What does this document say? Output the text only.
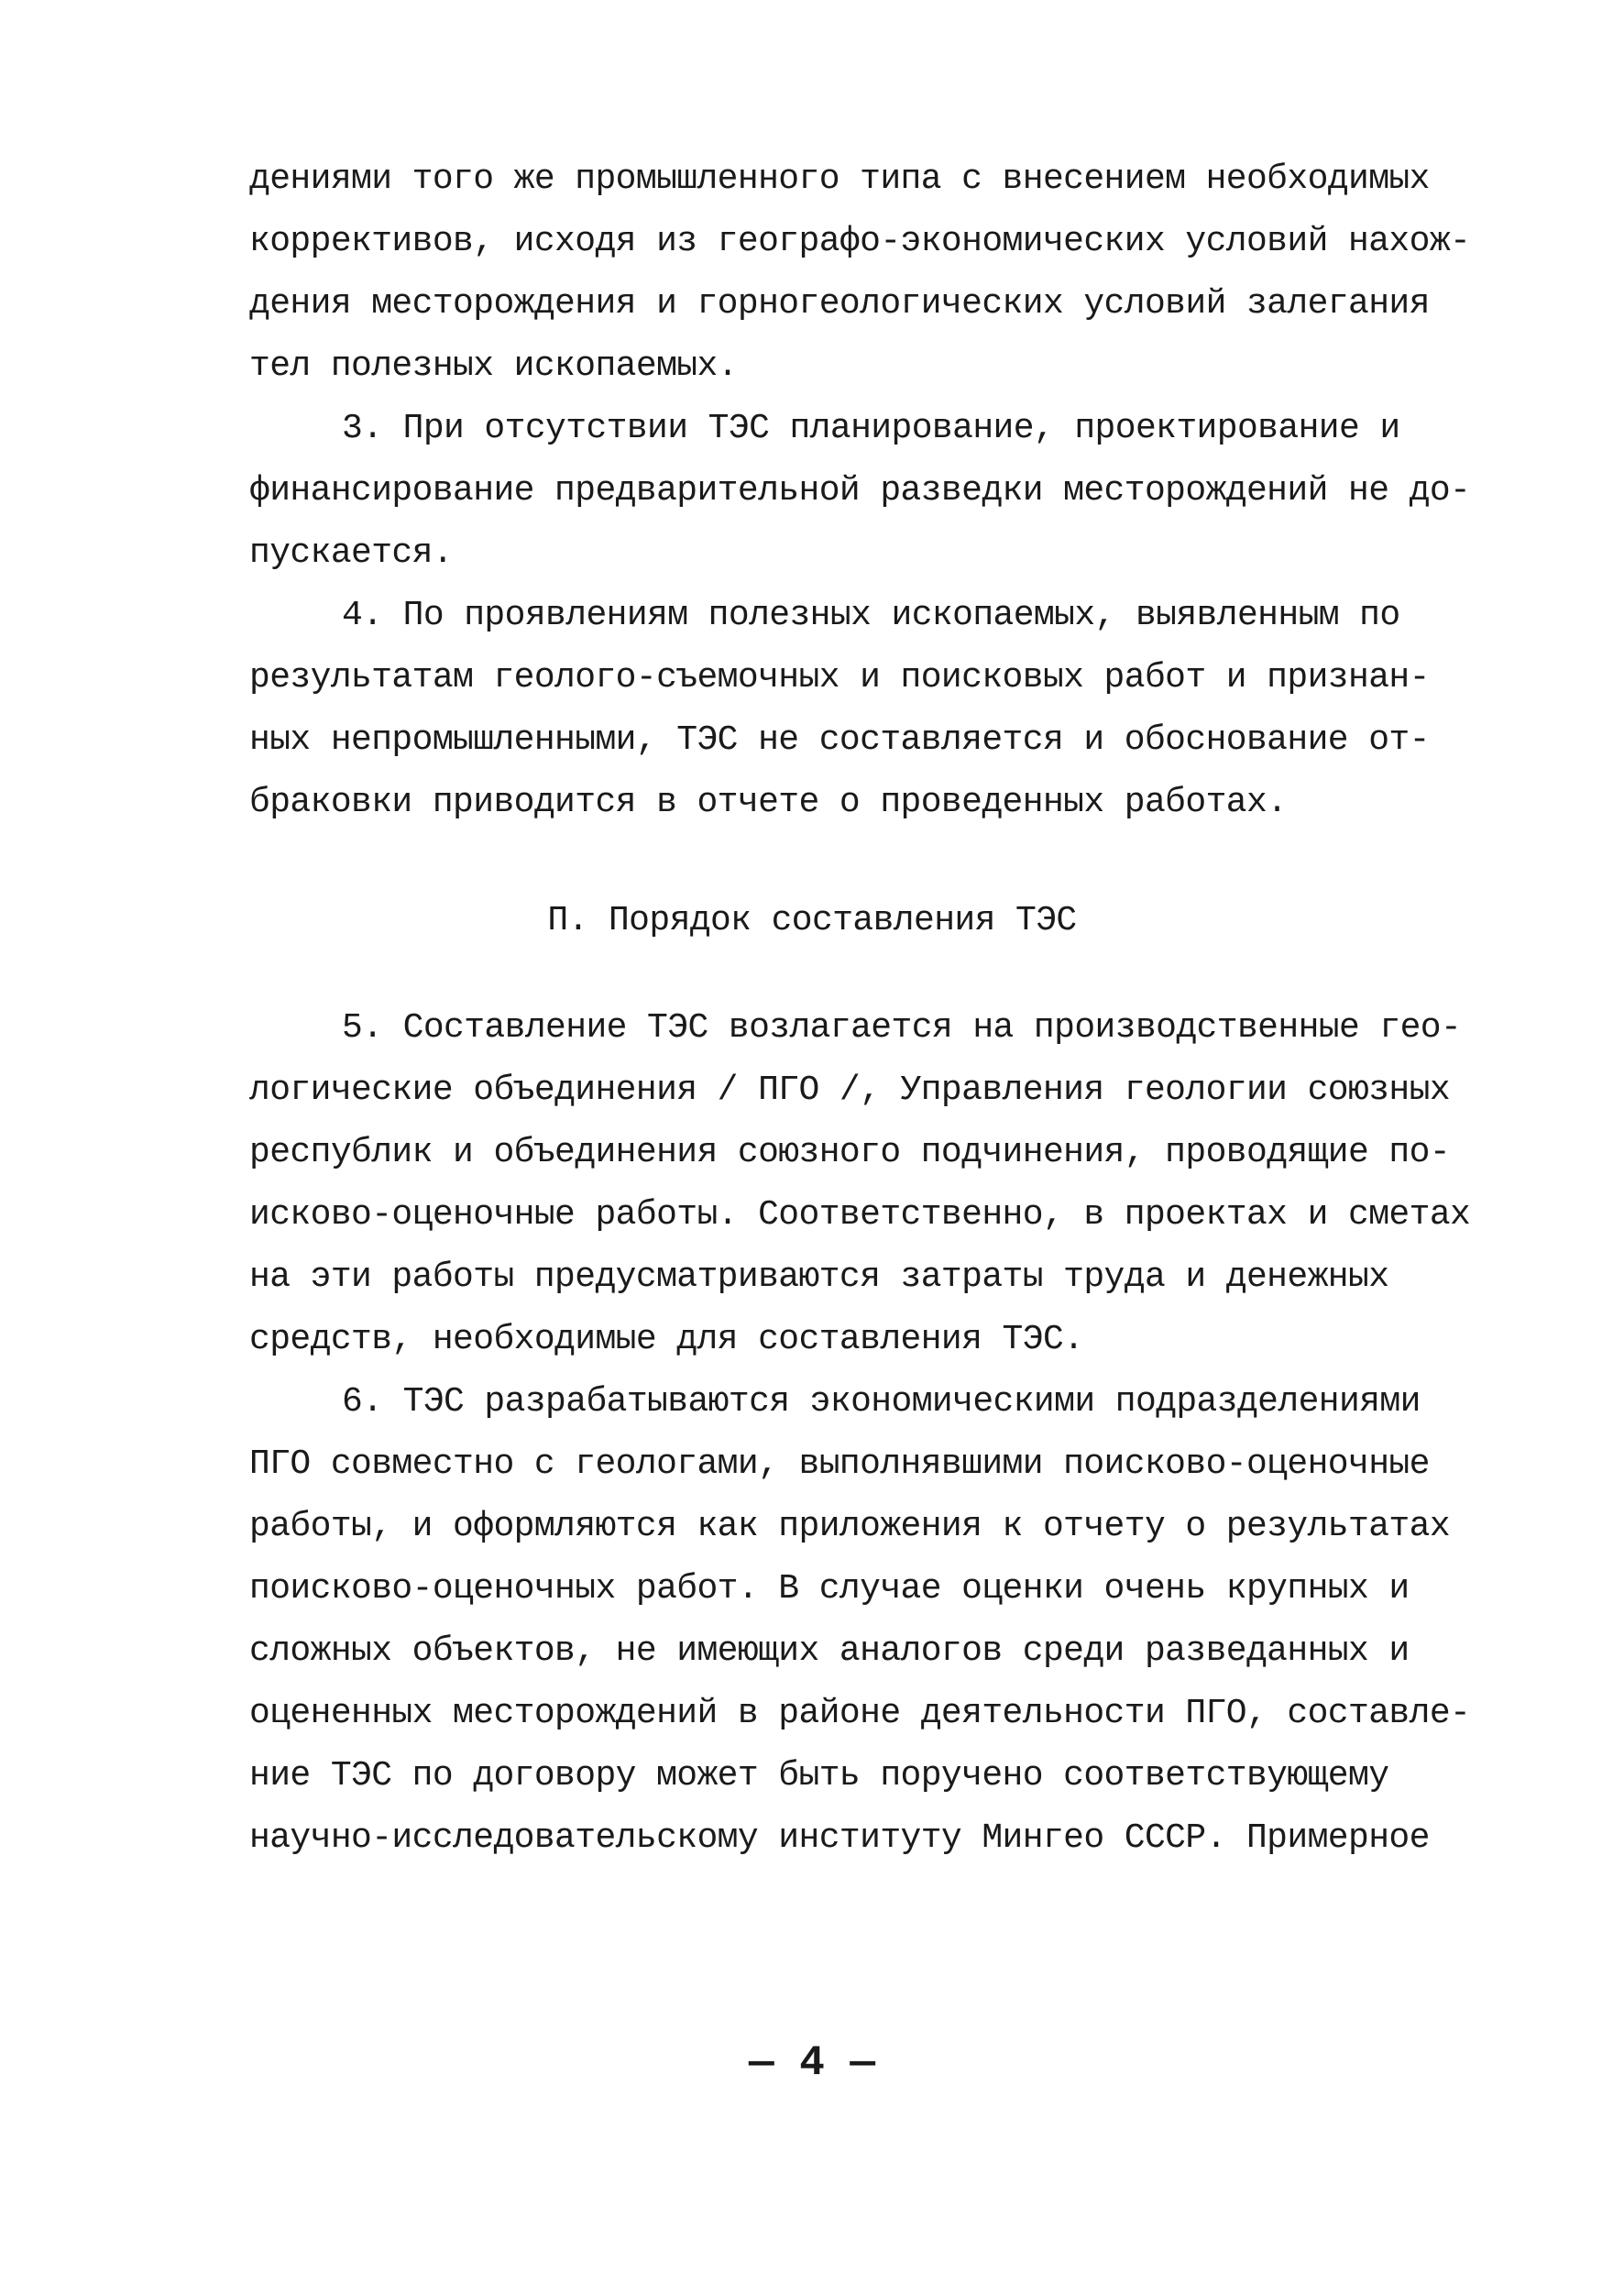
дениями того же промышленного типа с внесением необходимых
коррективов, исходя из географо-экономических условий нахож-
дения месторождения и горногеологических условий залегания
тел полезных ископаемых.
3. При отсутствии ТЭС планирование, проектирование и
финансирование предварительной разведки месторождений не до-
пускается.
4. По проявлениям полезных ископаемых, выявленным по
результатам геолого-съемочных и поисковых работ и признан-
ных непромышленными, ТЭС не составляется и обоснование от-
браковки приводится в отчете о проведенных работах.
П. Порядок составления ТЭС
5. Составление ТЭС возлагается на производственные гео-
логические объединения / ПГО /, Управления геологии союзных
республик и объединения союзного подчинения, проводящие по-
исково-оценочные работы. Соответственно, в проектах и сметах
на эти работы предусматриваются затраты труда и денежных
средств, необходимые для составления ТЭС.
6. ТЭС разрабатываются экономическими подразделениями
ПГО совместно с геологами, выполнявшими поисково-оценочные
работы, и оформляются как приложения к отчету о результатах
поисково-оценочных работ. В случае оценки очень крупных и
сложных объектов, не имеющих аналогов среди разведанных и
оцененных месторождений в районе деятельности ПГО, составле-
ние ТЭС по договору может быть поручено соответствующему
научно-исследовательскому институту Мингео СССР. Примерное
— 4 —
